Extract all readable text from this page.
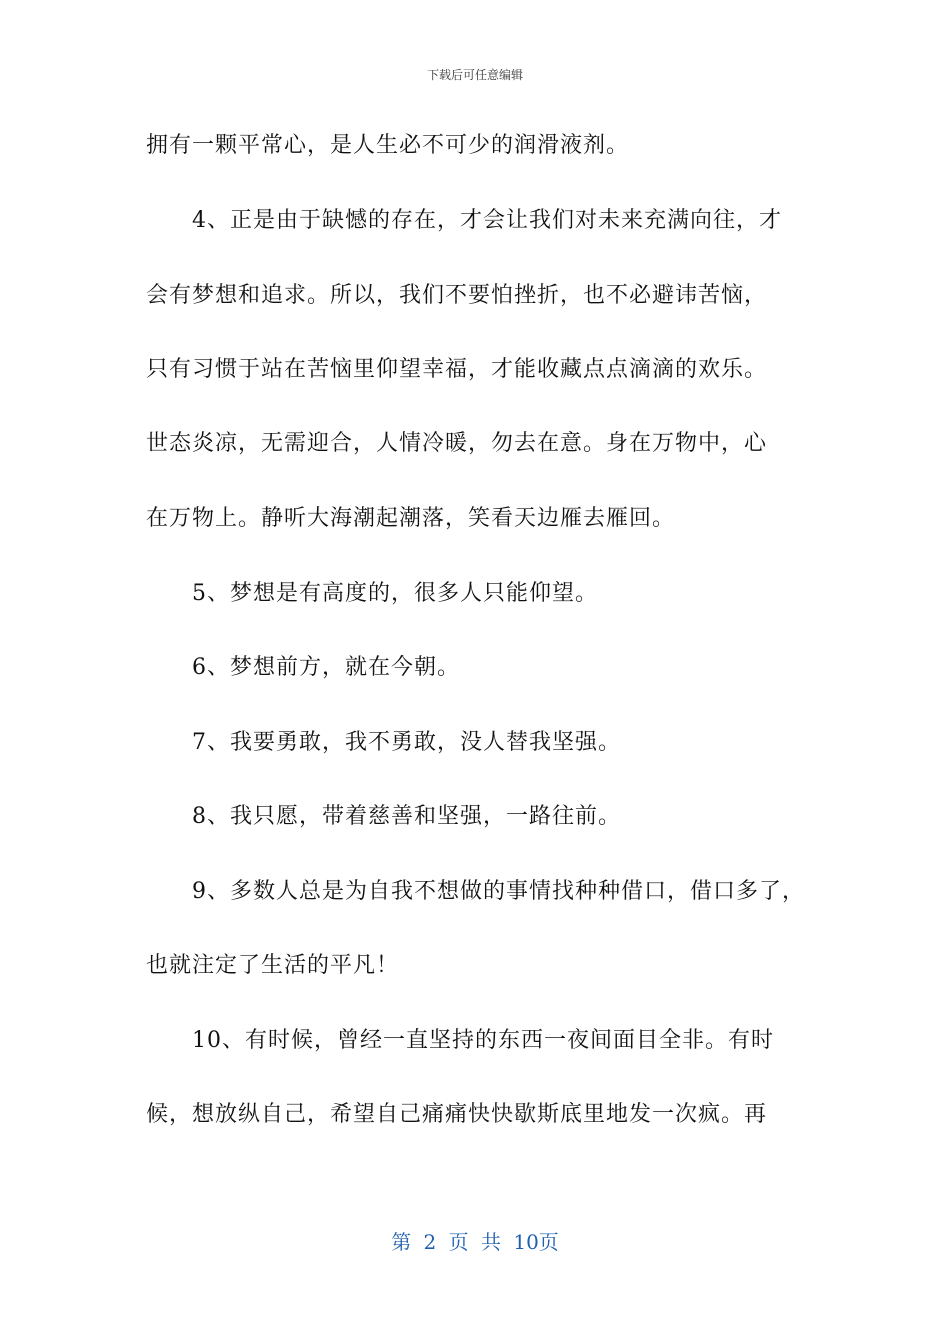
下载后可任意编辑
拥有一颗平常心，是人生必不可少的润滑液剂。
4、正是由于缺憾的存在，才会让我们对未来充满向往，才
会有梦想和追求。所以，我们不要怕挫折，也不必避讳苦恼，
只有习惯于站在苦恼里仰望幸福，才能收藏点点滴滴的欢乐。
世态炎凉，无需迎合，人情冷暖，勿去在意。身在万物中，心
在万物上。静听大海潮起潮落，笑看天边雁去雁回。
5、梦想是有高度的，很多人只能仰望。
6、梦想前方，就在今朝。
7、我要勇敢，我不勇敢，没人替我坚强。
8、我只愿，带着慈善和坚强，一路往前。
9、多数人总是为自我不想做的事情找种种借口，借口多了，
也就注定了生活的平凡！
10、有时候，曾经一直坚持的东西一夜间面目全非。有时
候，想放纵自己，希望自己痛痛快快歇斯底里地发一次疯。再
第 2 页 共 10页
